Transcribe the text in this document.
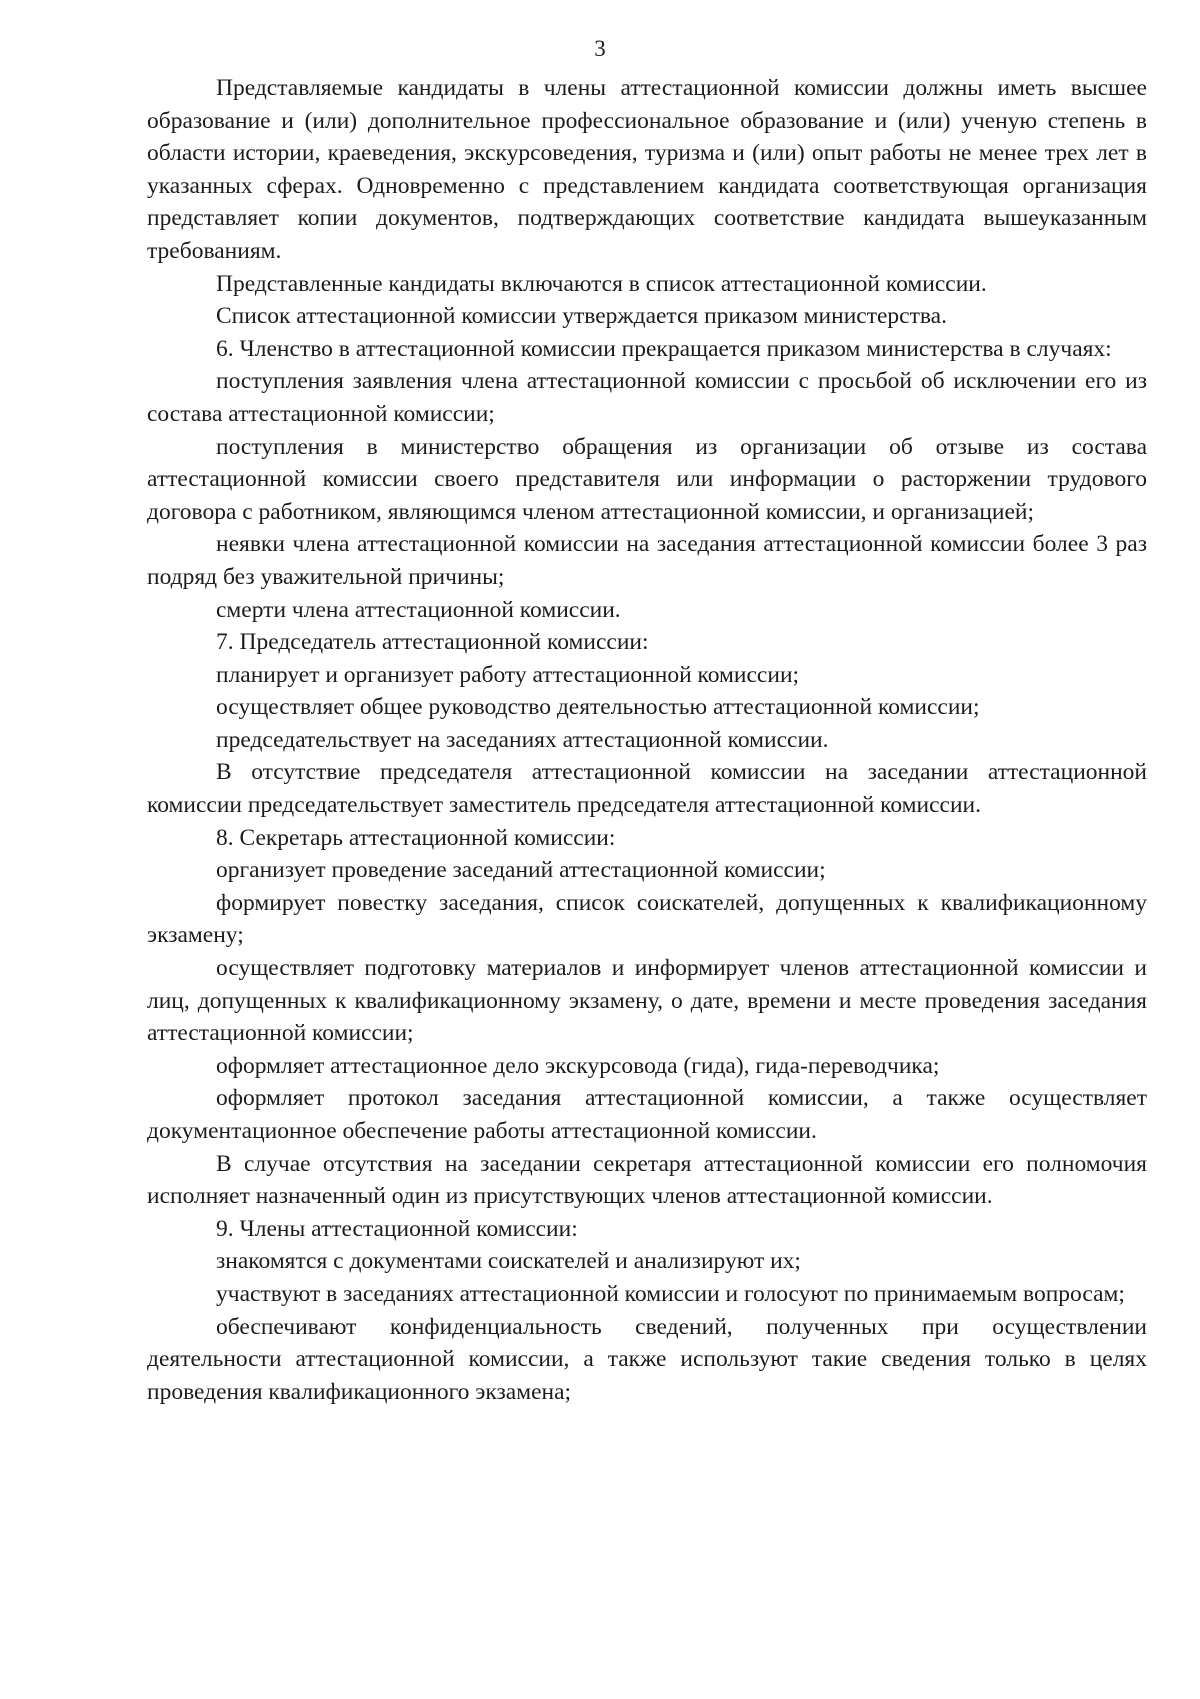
3

Представляемые кандидаты в члены аттестационной комиссии должны иметь высшее образование и (или) дополнительное профессиональное образование и (или) ученую степень в области истории, краеведения, экскурсоведения, туризма и (или) опыт работы не менее трех лет в указанных сферах. Одновременно с представлением кандидата соответствующая организация представляет копии документов, подтверждающих соответствие кандидата вышеуказанным требованиям.

Представленные кандидаты включаются в список аттестационной комиссии.

Список аттестационной комиссии утверждается приказом министерства.

6. Членство в аттестационной комиссии прекращается приказом министерства в случаях:

поступления заявления члена аттестационной комиссии с просьбой об исключении его из состава аттестационной комиссии;

поступления в министерство обращения из организации об отзыве из состава аттестационной комиссии своего представителя или информации о расторжении трудового договора с работником, являющимся членом аттестационной комиссии, и организацией;

неявки члена аттестационной комиссии на заседания аттестационной комиссии более 3 раз подряд без уважительной причины;

смерти члена аттестационной комиссии.

7. Председатель аттестационной комиссии:

планирует и организует работу аттестационной комиссии;

осуществляет общее руководство деятельностью аттестационной комиссии;

председательствует на заседаниях аттестационной комиссии.

В отсутствие председателя аттестационной комиссии на заседании аттестационной комиссии председательствует заместитель председателя аттестационной комиссии.

8. Секретарь аттестационной комиссии:

организует проведение заседаний аттестационной комиссии;

формирует повестку заседания, список соискателей, допущенных к квалификационному экзамену;

осуществляет подготовку материалов и информирует членов аттестационной комиссии и лиц, допущенных к квалификационному экзамену, о дате, времени и месте проведения заседания аттестационной комиссии;

оформляет аттестационное дело экскурсовода (гида), гида-переводчика;

оформляет протокол заседания аттестационной комиссии, а также осуществляет документационное обеспечение работы аттестационной комиссии.

В случае отсутствия на заседании секретаря аттестационной комиссии его полномочия исполняет назначенный один из присутствующих членов аттестационной комиссии.

9. Члены аттестационной комиссии:

знакомятся с документами соискателей и анализируют их;

участвуют в заседаниях аттестационной комиссии и голосуют по принимаемым вопросам;

обеспечивают конфиденциальность сведений, полученных при осуществлении деятельности аттестационной комиссии, а также используют такие сведения только в целях проведения квалификационного экзамена;
